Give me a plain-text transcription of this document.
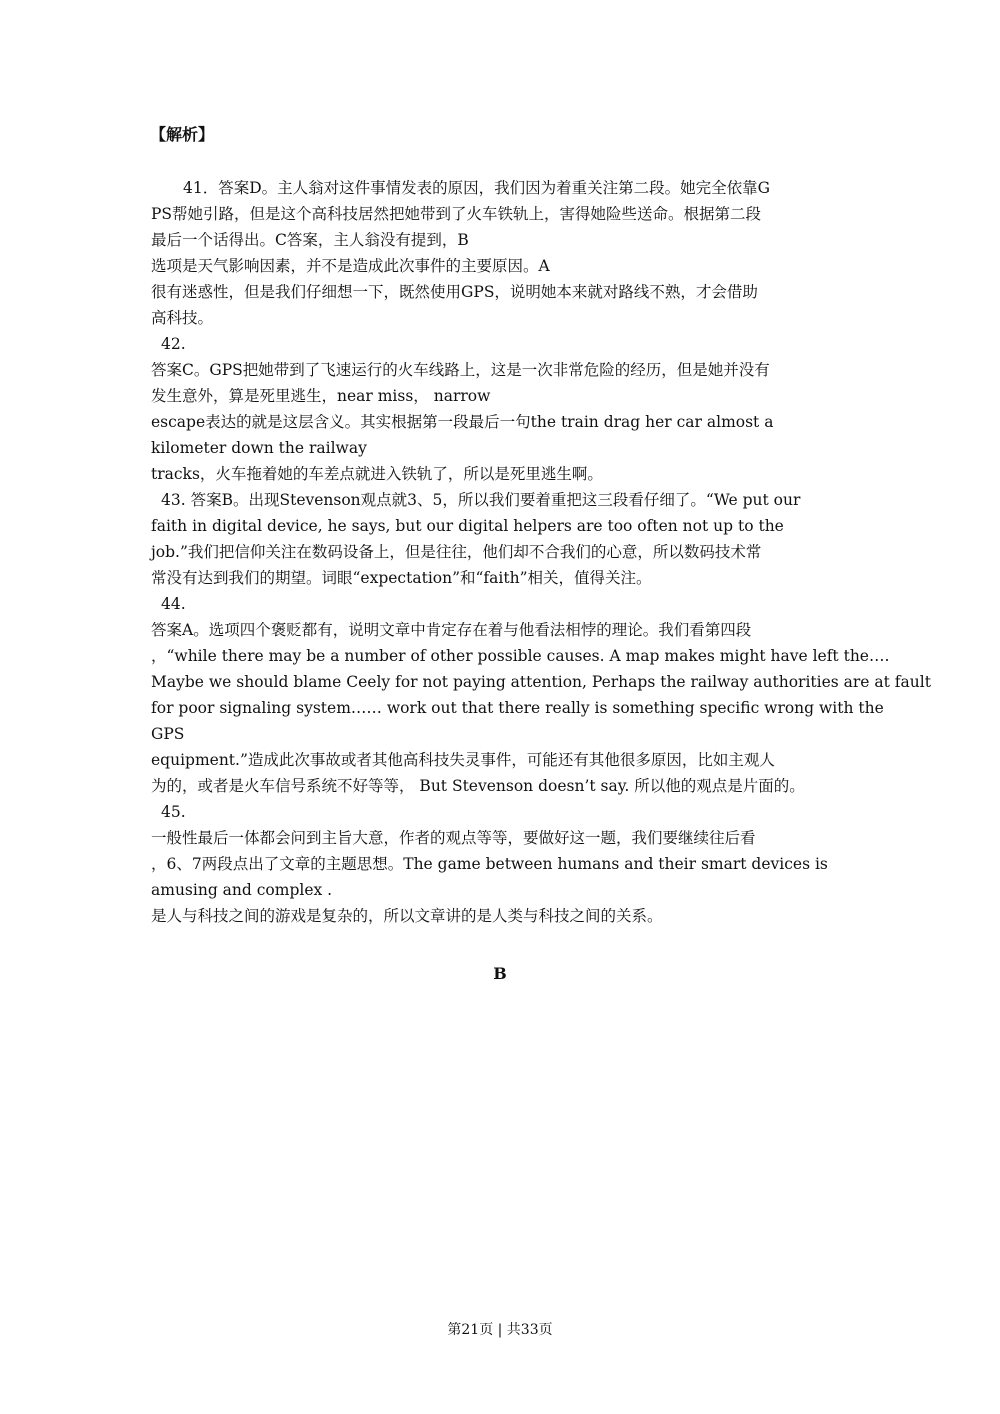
【解析】
41．答案D。主人翁对这件事情发表的原因，我们因为着重关注第二段。她完全依靠G
PS帮她引路，但是这个高科技居然把她带到了火车铁轨上，害得她险些送命。根据第二段
最后一个话得出。C答案，主人翁没有提到，B
选项是天气影响因素，并不是造成此次事件的主要原因。A
很有迷惑性，但是我们仔细想一下，既然使用GPS，说明她本来就对路线不熟，才会借助
高科技。
42.
答案C。GPS把她带到了飞速运行的火车线路上，这是一次非常危险的经历，但是她并没有
发生意外，算是死里逃生，near miss， narrow
escape表达的就是这层含义。其实根据第一段最后一句the train drag her car almost a
kilometer down the railway
tracks，火车拖着她的车差点就进入铁轨了，所以是死里逃生啊。
43. 答案B。出现Stevenson观点就3、5，所以我们要着重把这三段看仔细了。“We put our
faith in digital device, he says, but our digital helpers are too often not up to the
job.”我们把信仰关注在数码设备上，但是往往，他们却不合我们的心意，所以数码技术常
常没有达到我们的期望。词眼“expectation”和“faith”相关，值得关注。
44.
答案A。选项四个褒贬都有，说明文章中肯定存在着与他看法相悖的理论。我们看第四段
，“while there may be a number of other possible causes. A map makes might have left the….
Maybe we should blame Ceely for not paying attention, Perhaps the railway authorities are at fault
for poor signaling system…… work out that there really is something specific wrong with the
GPS
equipment.”造成此次事故或者其他高科技失灵事件，可能还有其他很多原因，比如主观人
为的，或者是火车信号系统不好等等， But Stevenson doesn’t say. 所以他的观点是片面的。
45.
一般性最后一体都会问到主旨大意，作者的观点等等，要做好这一题，我们要继续往后看
，6、7两段点出了文章的主题思想。The game between humans and their smart devices is
amusing and complex .
是人与科技之间的游戏是复杂的，所以文章讲的是人类与科技之间的关系。
B
第21页 | 共33页
